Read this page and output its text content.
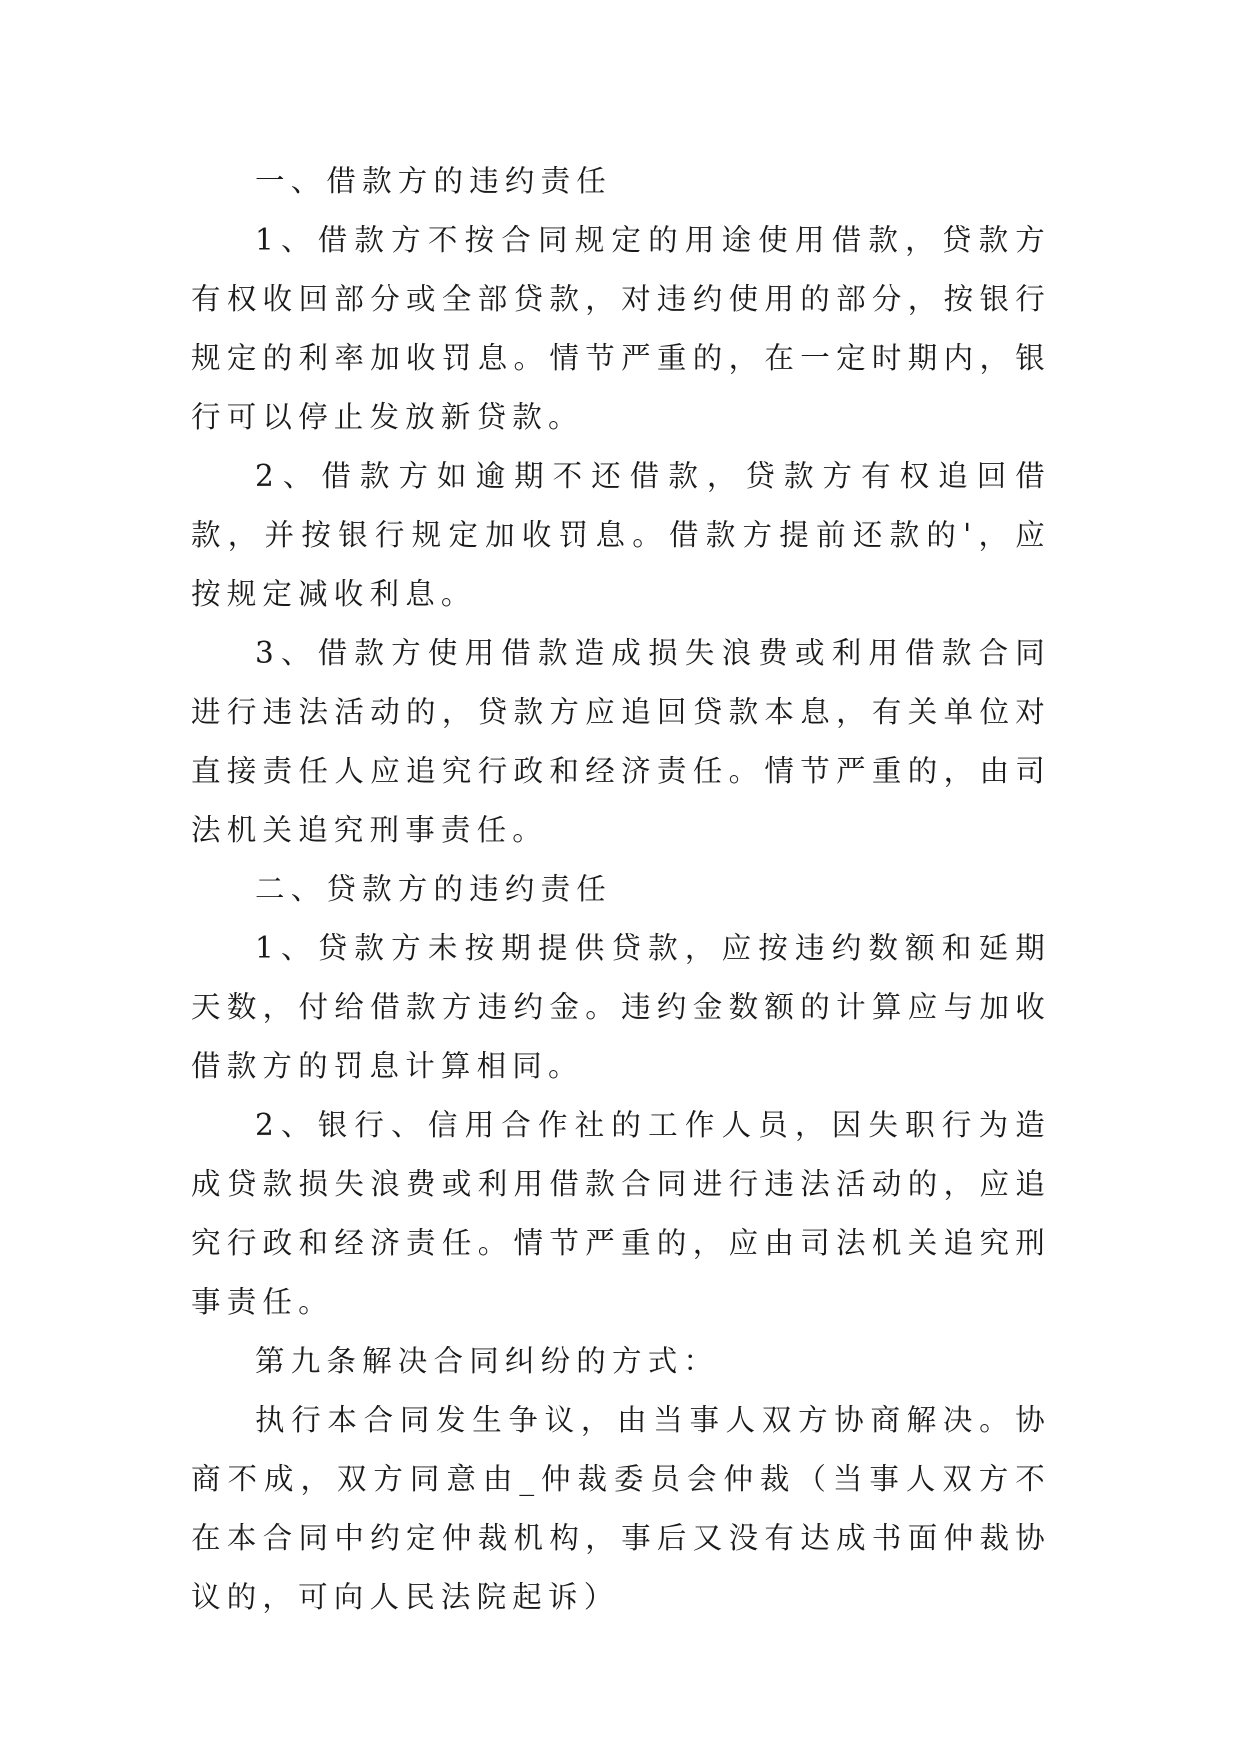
一、借款方的违约责任

1、借款方不按合同规定的用途使用借款，贷款方有权收回部分或全部贷款，对违约使用的部分，按银行规定的利率加收罚息。情节严重的，在一定时期内，银行可以停止发放新贷款。

2、借款方如逾期不还借款，贷款方有权追回借款，并按银行规定加收罚息。借款方提前还款的'，应按规定减收利息。

3、借款方使用借款造成损失浪费或利用借款合同进行违法活动的，贷款方应追回贷款本息，有关单位对直接责任人应追究行政和经济责任。情节严重的，由司法机关追究刑事责任。

二、贷款方的违约责任

1、贷款方未按期提供贷款，应按违约数额和延期天数，付给借款方违约金。违约金数额的计算应与加收借款方的罚息计算相同。

2、银行、信用合作社的工作人员，因失职行为造成贷款损失浪费或利用借款合同进行违法活动的，应追究行政和经济责任。情节严重的，应由司法机关追究刑事责任。

第九条解决合同纠纷的方式：

执行本合同发生争议，由当事人双方协商解决。协商不成，双方同意由_仲裁委员会仲裁（当事人双方不在本合同中约定仲裁机构，事后又没有达成书面仲裁协议的，可向人民法院起诉）
